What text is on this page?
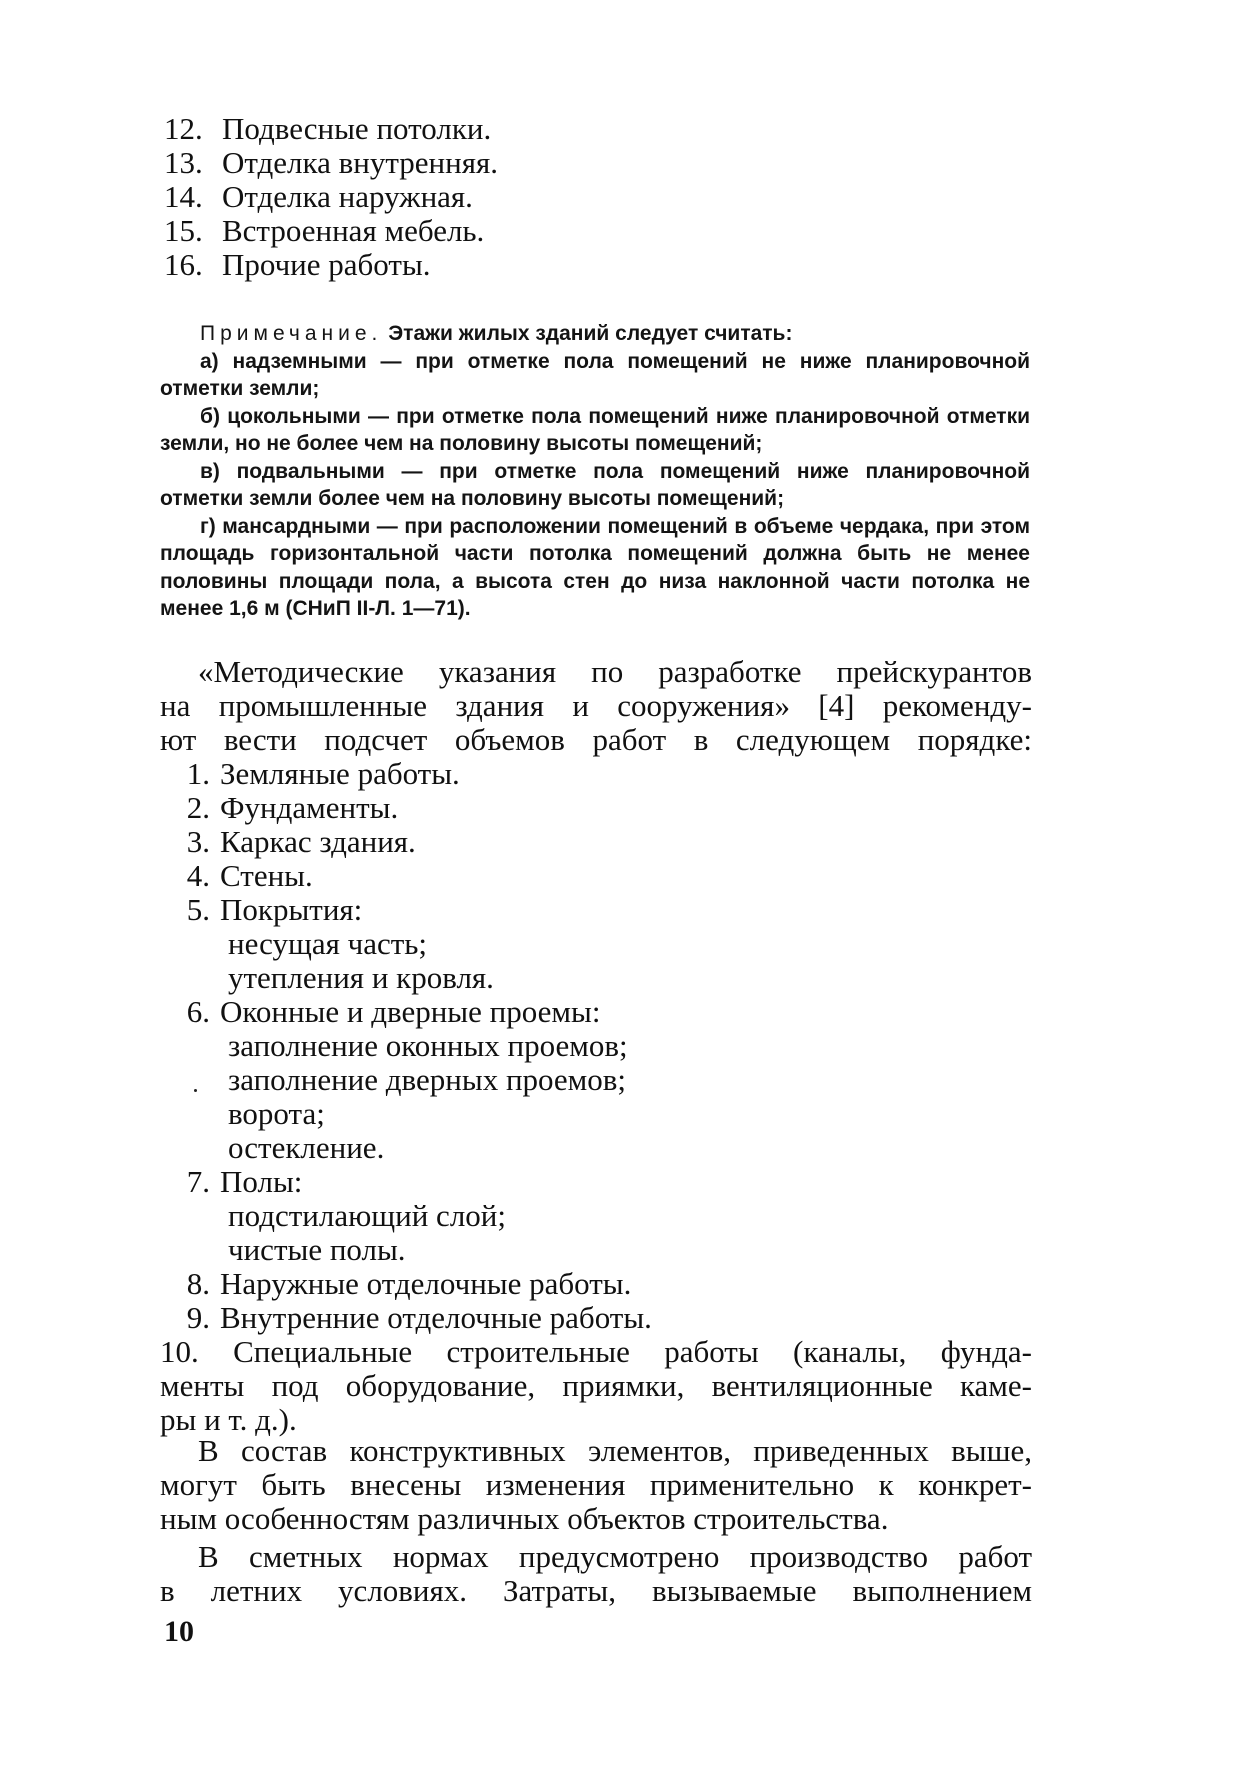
12. Подвесные потолки.
13. Отделка внутренняя.
14. Отделка наружная.
15. Встроенная мебель.
16. Прочие работы.

Примечание. Этажи жилых зданий следует считать:

а) надземными — при отметке пола помещений не ниже планировочной отметки земли;

б) цокольными — при отметке пола помещений ниже планировочной отметки земли, но не более чем на половину высоты помещений;

в) подвальными — при отметке пола помещений ниже планировочной отметки земли более чем на половину высоты помещений;

г) мансардными — при расположении помещений в объеме чердака, при этом площадь горизонтальной части потолка помещений должна быть не менее половины площади пола, а высота стен до низа наклонной части потолка не менее 1,6 м (СНиП II-Л. 1—71).

«Методические указания по разработке прейскурантов
на промышленные здания и сооружения» [4] рекоменду-
ют вести подсчет объемов работ в следующем порядке:
1. Земляные работы.
2. Фундаменты.
3. Каркас здания.
4. Стены.
5. Покрытия:
несущая часть;
утепления и кровля.
6. Оконные и дверные проемы:
заполнение оконных проемов;
заполнение дверных проемов;
ворота;
остекление.
7. Полы:
подстилающий слой;
чистые полы.
8. Наружные отделочные работы.
9. Внутренние отделочные работы.
10. Специальные строительные работы (каналы, фунда-
менты под оборудование, приямки, вентиляционные каме-
ры и т. д.).
В состав конструктивных элементов, приведенных выше,
могут быть внесены изменения применительно к конкрет-
ным особенностям различных объектов строительства.
В сметных нормах предусмотрено производство работ
в летних условиях. Затраты, вызываемые выполнением
10
